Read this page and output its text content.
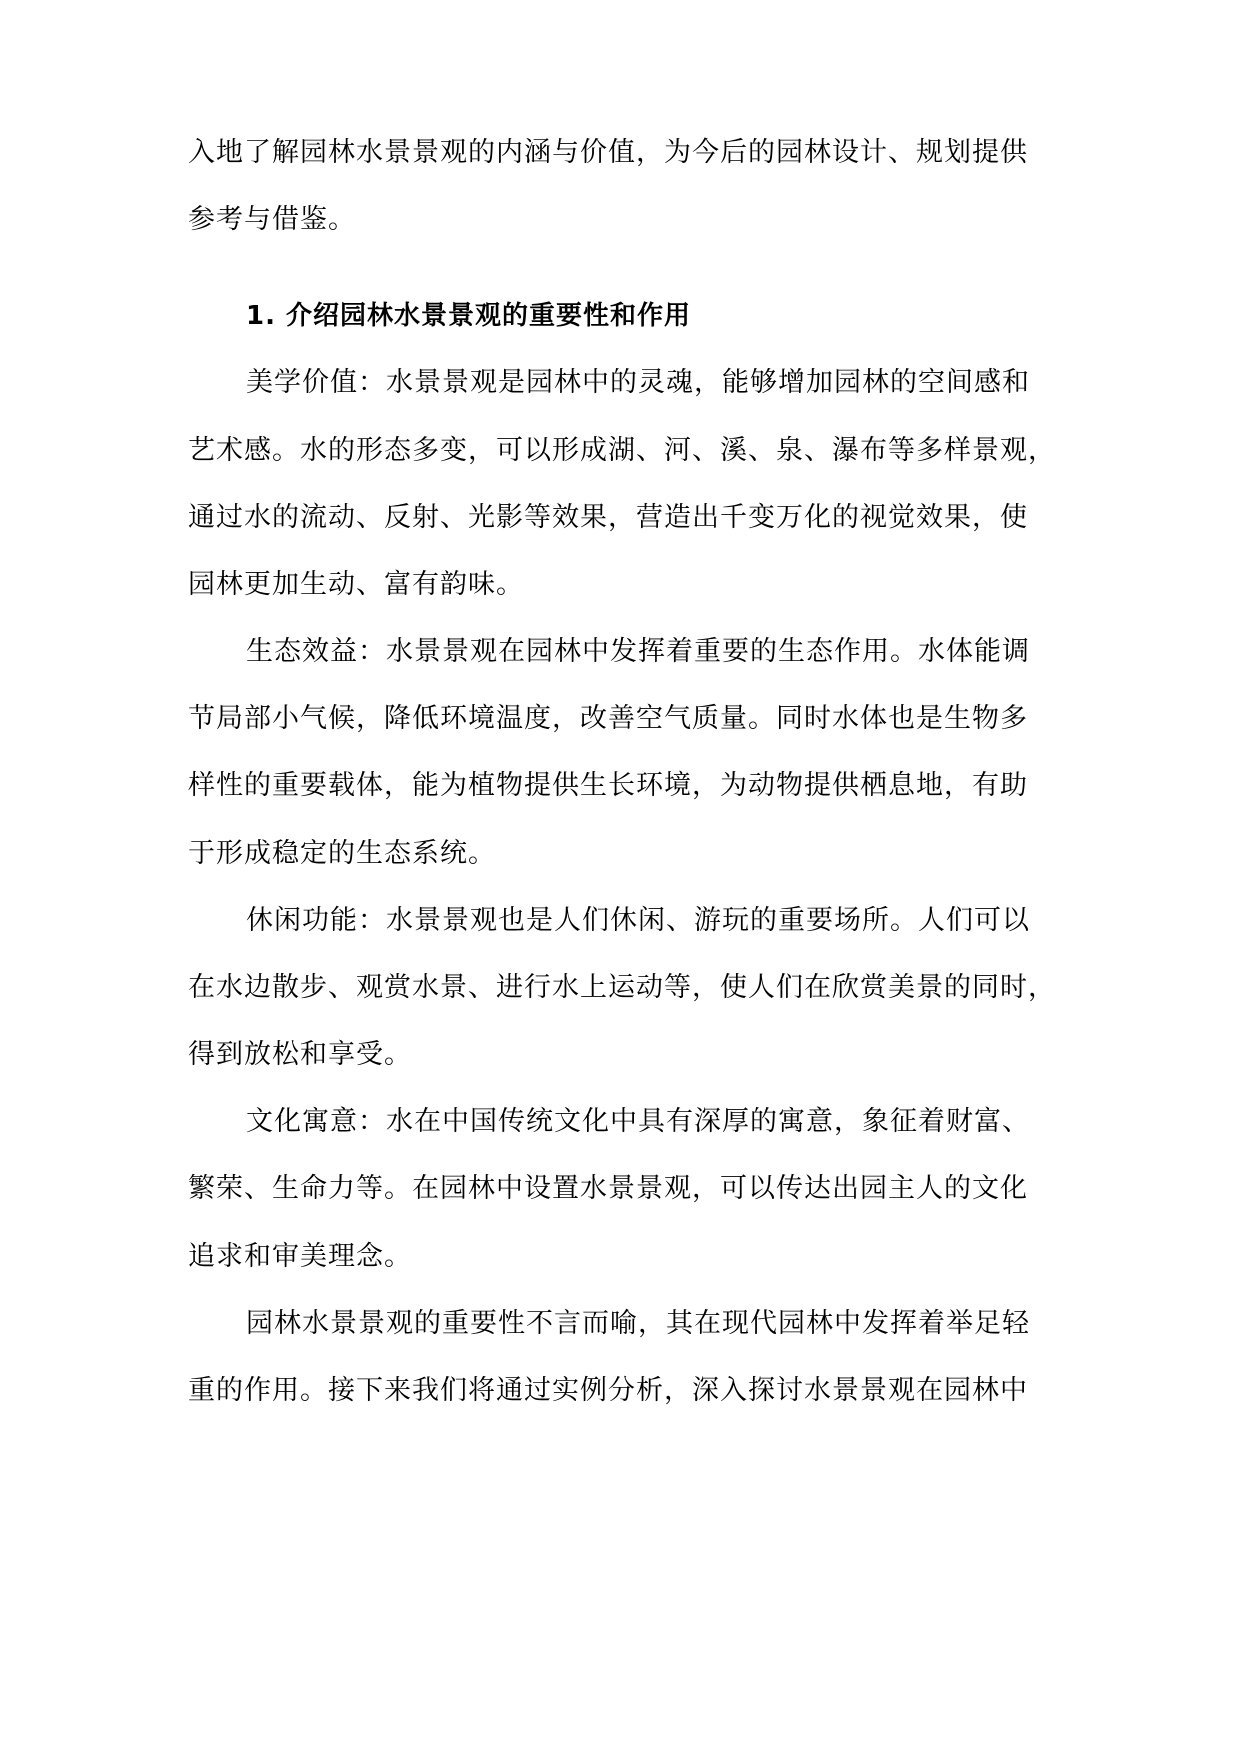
入地了解园林水景景观的内涵与价值，为今后的园林设计、规划提供
参考与借鉴。
1. 介绍园林水景景观的重要性和作用
美学价值：水景景观是园林中的灵魂，能够增加园林的空间感和
艺术感。水的形态多变，可以形成湖、河、溪、泉、瀑布等多样景观，
通过水的流动、反射、光影等效果，营造出千变万化的视觉效果，使
园林更加生动、富有韵味。
生态效益：水景景观在园林中发挥着重要的生态作用。水体能调
节局部小气候，降低环境温度，改善空气质量。同时水体也是生物多
样性的重要载体，能为植物提供生长环境，为动物提供栖息地，有助
于形成稳定的生态系统。
休闲功能：水景景观也是人们休闲、游玩的重要场所。人们可以
在水边散步、观赏水景、进行水上运动等，使人们在欣赏美景的同时，
得到放松和享受。
文化寓意：水在中国传统文化中具有深厚的寓意，象征着财富、
繁荣、生命力等。在园林中设置水景景观，可以传达出园主人的文化
追求和审美理念。
园林水景景观的重要性不言而喻，其在现代园林中发挥着举足轻
重的作用。接下来我们将通过实例分析，深入探讨水景景观在园林中
